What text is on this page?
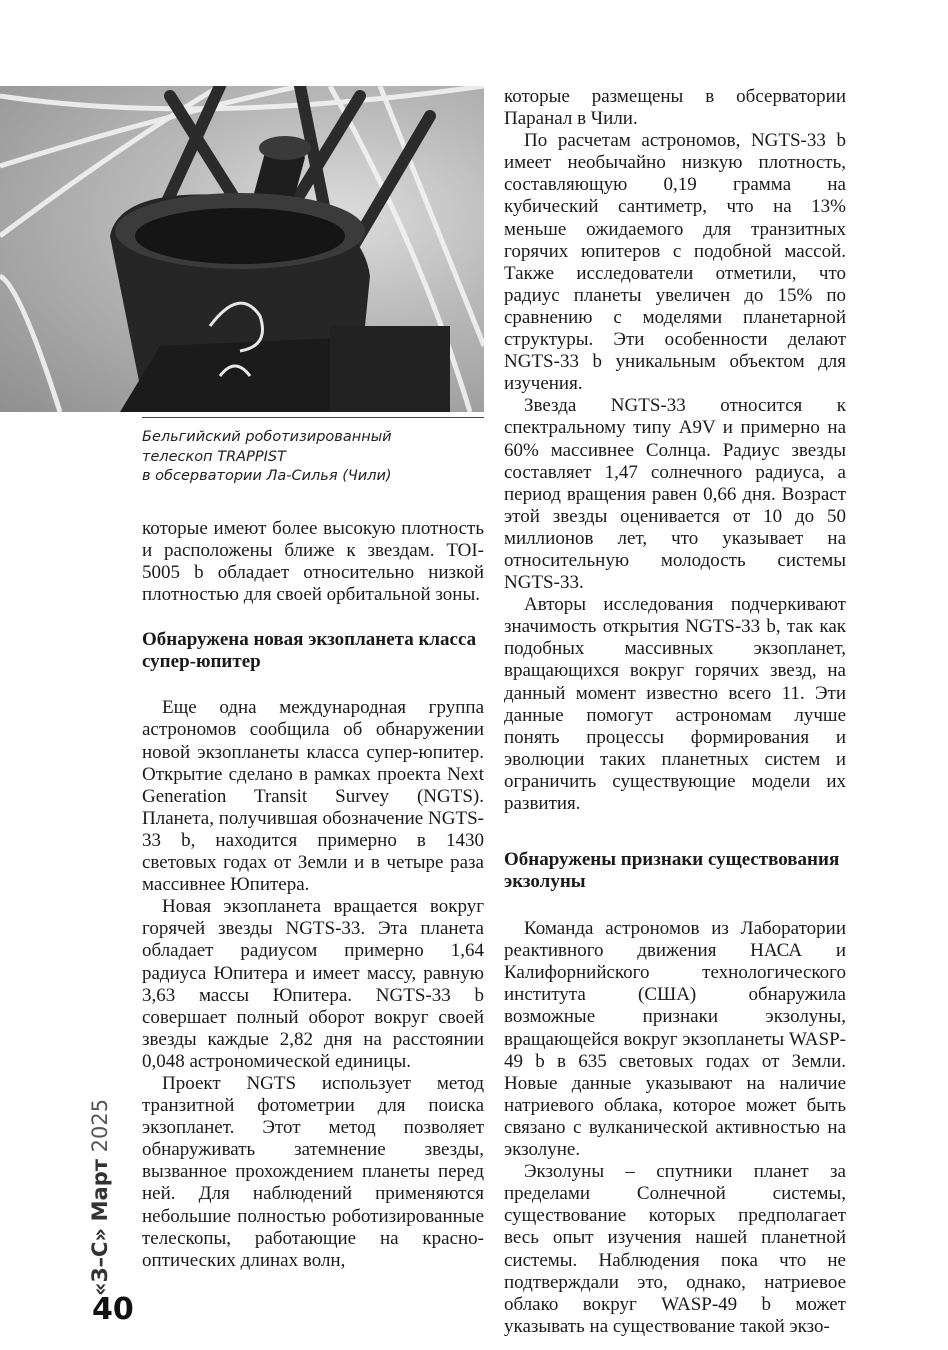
Бельгийский роботизированный
телескоп TRAPPIST
в обсерватории Ла-Силья (Чили)

которые имеют более высокую плотность и расположены ближе к звездам. TOI-5005 b обладает относительно низкой плотностью для своей орбитальной зоны.

Обнаружена новая экзопланета класса супер-юпитер

Еще одна международная группа астрономов сообщила об обнаружении новой экзопланеты класса супер-юпитер. Открытие сделано в рамках проекта Next Generation Transit Survey (NGTS). Планета, получившая обозначение NGTS-33 b, находится примерно в 1430 световых годах от Земли и в четыре раза массивнее Юпитера.

Новая экзопланета вращается вокруг горячей звезды NGTS-33. Эта планета обладает радиусом примерно 1,64 радиуса Юпитера и имеет массу, равную 3,63 массы Юпитера. NGTS-33 b совершает полный оборот вокруг своей звезды каждые 2,82 дня на расстоянии 0,048 астрономической единицы.

Проект NGTS использует метод транзитной фотометрии для поиска экзопланет. Этот метод позволяет обнаруживать затемнение звезды, вызванное прохождением планеты перед ней. Для наблюдений применяются небольшие полностью роботизированные телескопы, работающие на красно-оптических длинах волн,

которые размещены в обсерватории Паранал в Чили.

По расчетам астрономов, NGTS-33 b имеет необычайно низкую плотность, составляющую 0,19 грамма на кубический сантиметр, что на 13% меньше ожидаемого для транзитных горячих юпитеров с подобной массой. Также исследователи отметили, что радиус планеты увеличен до 15% по сравнению с моделями планетарной структуры. Эти особенности делают NGTS-33 b уникальным объектом для изучения.

Звезда NGTS-33 относится к спектральному типу A9V и примерно на 60% массивнее Солнца. Радиус звезды составляет 1,47 солнечного радиуса, а период вращения равен 0,66 дня. Возраст этой звезды оценивается от 10 до 50 миллионов лет, что указывает на относительную молодость системы NGTS-33.

Авторы исследования подчеркивают значимость открытия NGTS-33 b, так как подобных массивных экзопланет, вращающихся вокруг горячих звезд, на данный момент известно всего 11. Эти данные помогут астрономам лучше понять процессы формирования и эволюции таких планетных систем и ограничить существующие модели их развития.

Обнаружены признаки существования экзолуны

Команда астрономов из Лаборатории реактивного движения НАСА и Калифорнийского технологического института (США) обнаружила возможные признаки экзолуны, вращающейся вокруг экзопланеты WASP-49 b в 635 световых годах от Земли. Новые данные указывают на наличие натриевого облака, которое может быть связано с вулканической активностью на экзолуне.

Экзолуны – спутники планет за пределами Солнечной системы, существование которых предполагает весь опыт изучения нашей планетной системы. Наблюдения пока что не подтверждали это, однако, натриевое облако вокруг WASP-49 b может указывать на существование такой экзо-

«З–С» Март 2025
40
